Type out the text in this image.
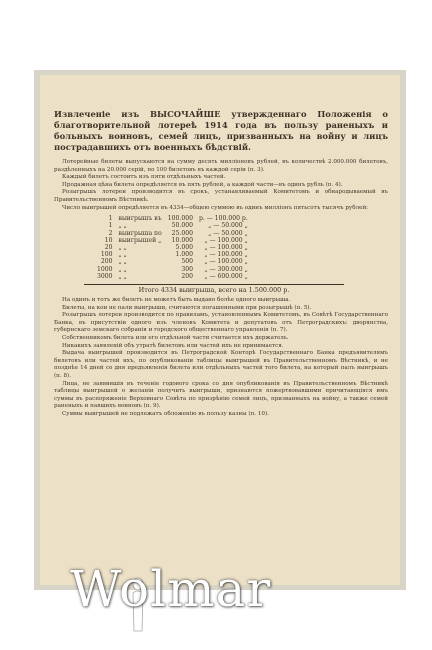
Извлеченіе изъ ВЫСОЧАЙШЕ утвержденнаго Положенія о благотворительной лотереѣ 1914 года въ пользу раненыхъ и больныхъ воиновъ, семей лицъ, призванныхъ на войну и лицъ пострадавшихъ отъ военныхъ бѣдствій.

Лотерейные билеты выпускаются на сумму десять милліоновъ рублей, въ количествѣ 2.000.000 билетовъ, раздѣленныхъ на 20.000 серій, по 100 билетовъ въ каждой серіи (п. 3).

Каждый билетъ состоитъ изъ пяти отдѣльныхъ частей.

Продажная цѣна билета опредѣляется въ пять рублей, а каждой части—въ одинъ рубль (п. 4).

Розыгрышъ лотереи производится въ срокъ, устанавливаемый Комитетомъ и обнародываемый въ Правительственномъ Вѣстникѣ.

Число выигрышей опредѣляется въ 4334—общею суммою въ одинъ милліонъ пятьсотъ тысячъ рублей:

1	выигрышъ въ	100.000	р. — 100.000 р.
1	„ „	50.000	„ — 50.000 „
2	выигрыша по	25.000	„ — 50.000 „
10	выигрышей „	10.000	„ — 100.000 „
20	„ „	5.000	„ — 100.000 „
100	„ „	1.000	„ — 100.000 „
200	„ „	500	„ — 100.000 „
1000	„ „	300	„ — 300.000 „
3000	„ „	200	„ — 600.000 „
Итого 4334 выигрыша, всего на 1.500.000 р.

На одинъ и тотъ же билетъ не можетъ быть выдано болѣе одного выигрыша.

Билеты, на кои не пали выигрыши, считаются погашенными при розыгрышѣ (п. 5).

Розыгрышъ лотереи производится по правиламъ, установленнымъ Комитетомъ, въ Совѣтѣ Государственнаго Банка, въ присутствіи одного изъ членовъ Комитета и депутатовъ отъ Петроградскихъ: дворянства, губернскаго земскаго собранія и городского общественнаго управленія (п. 7).

Собственникомъ билета или его отдѣльной части считается ихъ держатель.

Никакихъ заявленій объ утратѣ билетовъ или частей ихъ не принимается.

Выдача выигрышей производится въ Петроградской Конторѣ Государственнаго Банка предъявителямъ билетовъ или частей ихъ, по опубликованіи таблицы выигрышей въ Правительственномъ Вѣстникѣ, и не позднѣе 14 дней со дня предъявленія билета или отдѣльныхъ частей того билета, на который палъ выигрышъ (п. 8).

Лица, не заявившія въ теченіе годового срока со дня опубликованія въ Правительственномъ Вѣстникѣ таблицы выигрышей о желаніи получить выигрыши, признаются пожертвовавшими причитающіяся имъ суммы въ распоряженіе Верховнаго Совѣта по призрѣнію семей лицъ, призванныхъ на войну, а также семей раненыхъ и павшихъ воиновъ (п. 9).

Суммы выигрышей не подлежатъ обложенію въ пользу казны (п. 10).

Wolmar
